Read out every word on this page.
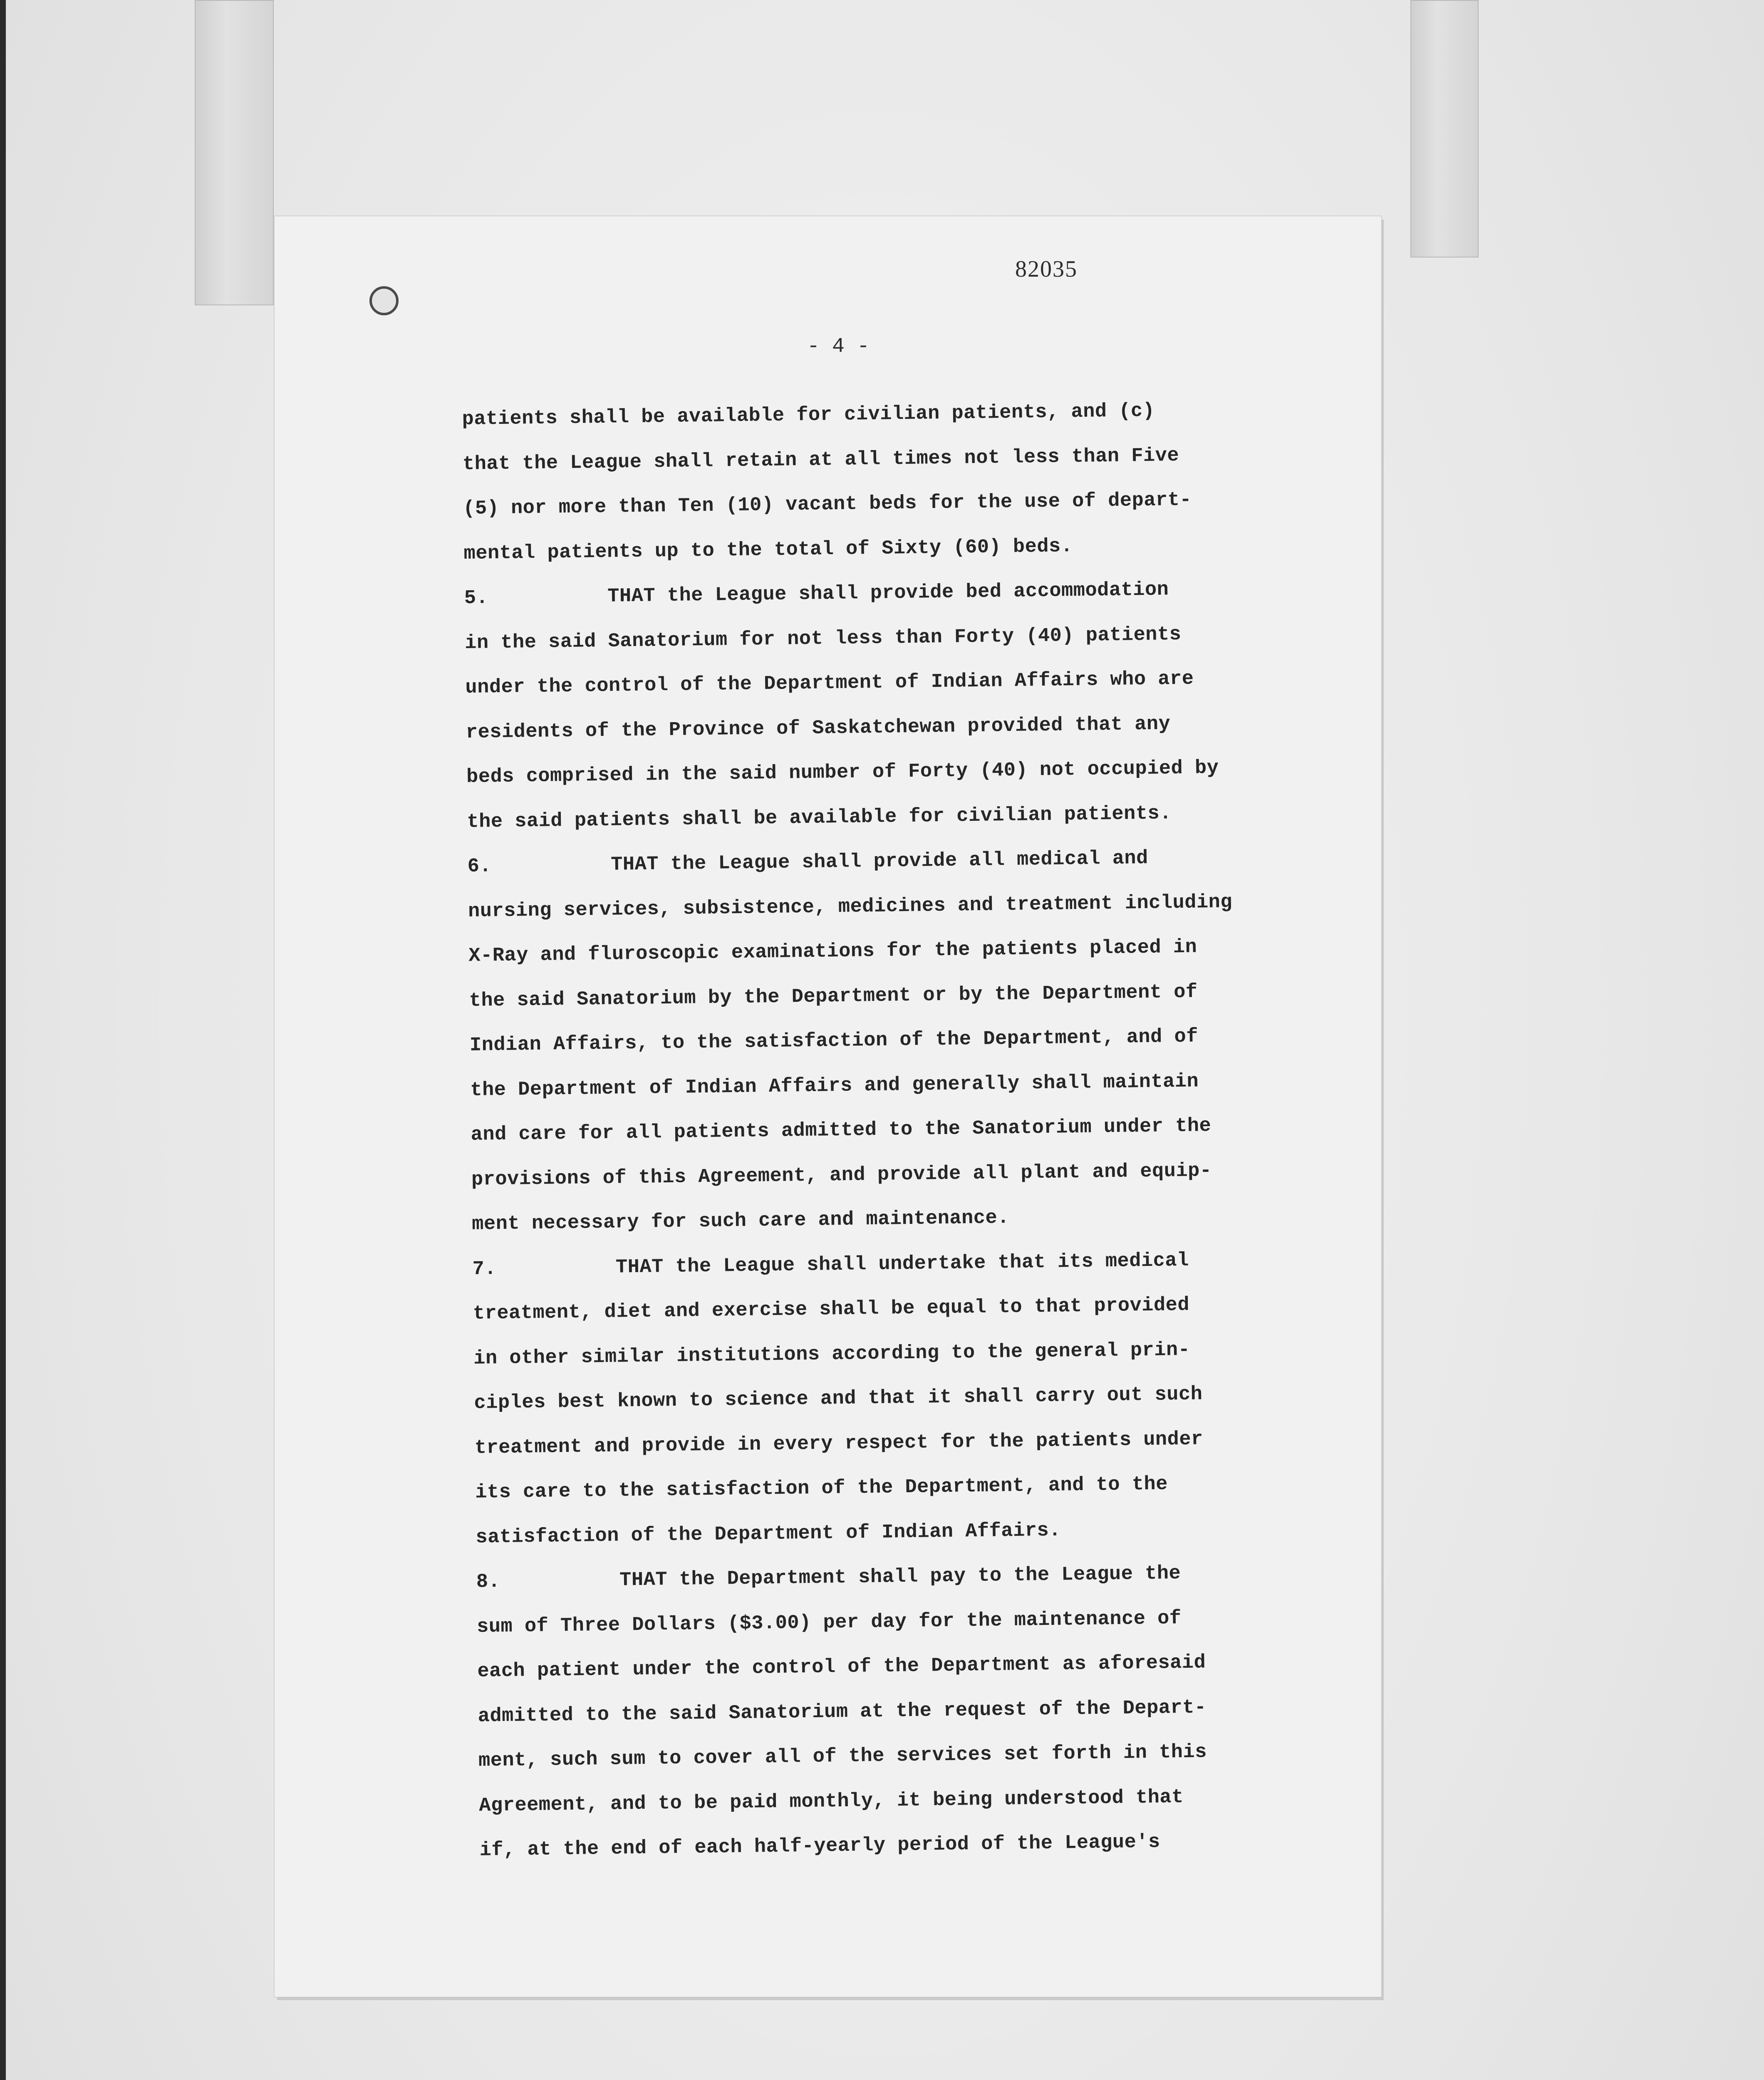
82035
- 4 -
patients shall be available for civilian patients, and (c)
that the League shall retain at all times not less than Five
(5) nor more than Ten (10) vacant beds for the use of depart-
mental patients up to the total of Sixty (60) beds.
5.          THAT the League shall provide bed accommodation
in the said Sanatorium for not less than Forty (40) patients
under the control of the Department of Indian Affairs who are
residents of the Province of Saskatchewan provided that any
beds comprised in the said number of Forty (40) not occupied by
the said patients shall be available for civilian patients.
6.          THAT the League shall provide all medical and
nursing services, subsistence, medicines and treatment including
X-Ray and fluroscopic examinations for the patients placed in
the said Sanatorium by the Department or by the Department of
Indian Affairs, to the satisfaction of the Department, and of
the Department of Indian Affairs and generally shall maintain
and care for all patients admitted to the Sanatorium under the
provisions of this Agreement, and provide all plant and equip-
ment necessary for such care and maintenance.
7.          THAT the League shall undertake that its medical
treatment, diet and exercise shall be equal to that provided
in other similar institutions according to the general prin-
ciples best known to science and that it shall carry out such
treatment and provide in every respect for the patients under
its care to the satisfaction of the Department, and to the
satisfaction of the Department of Indian Affairs.
8.          THAT the Department shall pay to the League the
sum of Three Dollars ($3.00) per day for the maintenance of
each patient under the control of the Department as aforesaid
admitted to the said Sanatorium at the request of the Depart-
ment, such sum to cover all of the services set forth in this
Agreement, and to be paid monthly, it being understood that
if, at the end of each half-yearly period of the League's
